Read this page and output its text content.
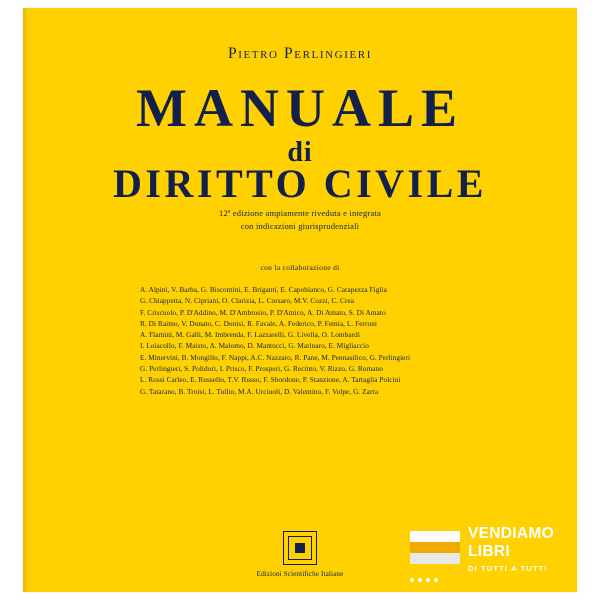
Pietro Perlingieri
MANUALE
di
DIRITTO CIVILE
12ª edizione ampiamente riveduta e integrata
con indicazioni giurisprudenziali
con la collaborazione di
A. Alpini, V. Barba, G. Biscontini, E. Briganti, E. Capobianco, G. Carapezza Figlia
G. Chiappetta, N. Cipriani, O. Clarizia, L. Corsaro, M.V. Cozzi, C. Crea
F. Criscuolo, P. D'Addino, M. D'Ambrosio, P. D'Amico, A. Di Amato, S. Di Amato
R. Di Raimo, V. Donato, C. Donisi, R. Favale, A. Federico, P. Femia, L. Ferroni
A. Flamini, M. Galli, M. Imbrenda, F. Lazzarelli, G. Livella, O. Lombardi
I. Loiacollo, F. Maisto, A. Malomo, D. Mantucci, G. Marinaro, E. Migliaccio
E. Minervini, B. Mongillo, F. Nappi, A.C. Nazzaro, R. Pane, M. Pennasilico, G. Perlingieri
G. Perlingieri, S. Polidori, I. Prisco, F. Prosperi, G. Recinto, V. Rizzo, G. Romano
L. Rossi Carleo, E. Russello, T.V. Russo, F. Sbordone, P. Stanzione, A. Tartaglia Polcini
G. Tatarano, B. Troisi, L. Tullio, M.A. Urciuoli, D. Valentino, F. Volpe, G. Zarra
Edizioni Scientifiche Italiane
VENDIAMO
LIBRI
DI TUTTI A TUTTI
